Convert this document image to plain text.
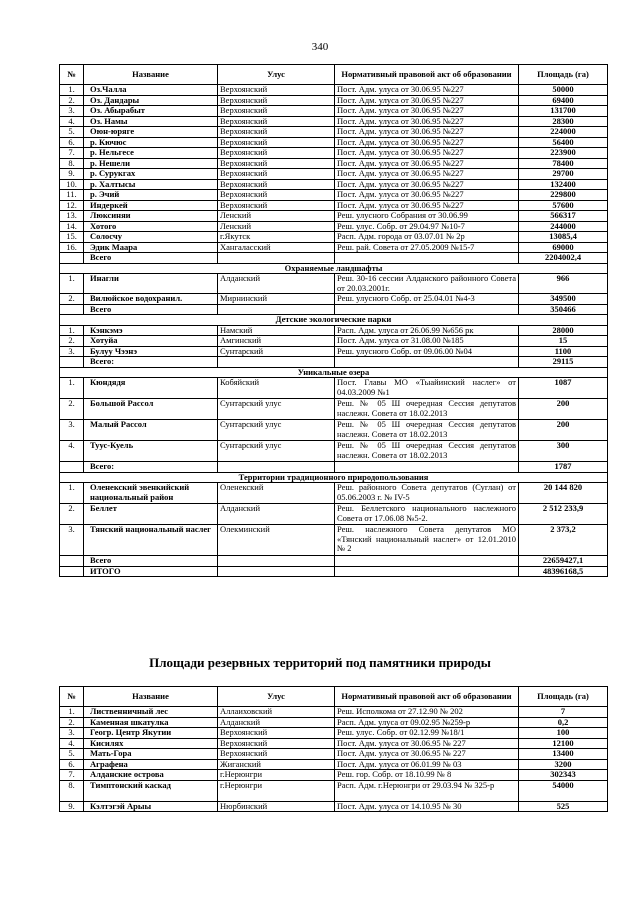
340
№	Название	Улус	Нормативный правовой акт об образовании	Площадь (га)
1.	Оз.Чалла	Верхоянский	Пост. Адм. улуса от 30.06.95 №227	50000
2.	Оз. Дандары	Верхоянский	Пост. Адм. улуса от 30.06.95 №227	69400
3.	Оз. Абырабыт	Верхоянский	Пост. Адм. улуса от 30.06.95 №227	131700
4.	Оз. Намы	Верхоянский	Пост. Адм. улуса от 30.06.95 №227	28300
5.	Оюн-юряге	Верхоянский	Пост. Адм. улуса от 30.06.95 №227	224000
6.	р. Кючюс	Верхоянский	Пост. Адм. улуса от 30.06.95 №227	56400
7.	р. Нельгесе	Верхоянский	Пост. Адм. улуса от 30.06.95 №227	223900
8.	р. Нешели	Верхоянский	Пост. Адм. улуса от 30.06.95 №227	78400
9.	р. Сурукгах	Верхоянский	Пост. Адм. улуса от 30.06.95 №227	29700
10.	р. Халтысы	Верхоянский	Пост. Адм. улуса от 30.06.95 №227	132400
11.	р. Эчий	Верхоянский	Пост. Адм. улуса от 30.06.95 №227	229800
12.	Индеркей	Верхоянский	Пост. Адм. улуса от 30.06.95 №227	57600
13.	Люксиняи	Ленский	Реш. улусного Собрания от 30.06.99	566317
14.	Хотого	Ленский	Реш. улус. Собр. от 29.04.97 №10-7	244000
15.	Солосчу	г.Якутск	Расп. Адм. города от 03.07.01 № 2р	13085,4
16.	Эдик Маара	Хангаласский	Реш. рай. Совета от 27.05.2009 №15-7	69000
	Всего			2204002,4
Охраняемые ландшафты				
1.	Инагли	Алданский	Реш. 30-16 сессии Алданского районного Совета от 20.03.2001г.	966
2.	Вилюйское водохранил.	Мирнинский	Реш. улусного Собр. от 25.04.01 №4-3	349500
	Всего			350466
Детские экологические парки				
1.	Кэнкэмэ	Намский	Расп. Адм. улуса от 26.06.99 №656 рк	28000
2.	Хотуйа	Амгинский	Пост. Адм. улуса от 31.08.00 №185	15
3.	Булуу Чээнэ	Сунтарский	Реш. улусного Собр. от 09.06.00 №04	1100
	Всего:			29115
Уникальные озера				
1.	Кюндядя	Кобяйский	Пост. Главы МО «Тыайинский наслег» от 04.03.2009 №1	1087
2.	Большой Рассол	Сунтарский улус	Реш. № 05 Ш очередная Сессия депутатов наслежн. Совета от 18.02.2013	200
3.	Малый Рассол	Сунтарский улус	Реш. № 05 Ш очередная Сессия депутатов наслежн. Совета от 18.02.2013	200
4.	Туус-Куель	Сунтарский улус	Реш. № 05 Ш очередная Сессия депутатов наслежн. Совета от 18.02.2013	300
	Всего:			1787
Территории традиционного природопользования				
1.	Оленекский эвенкийский национальный район	Оленекский	Реш. районного Совета депутатов (Суглан) от 05.06.2003 г. № IV-5	20 144 820
2.	Беллет	Алданский	Реш. Беллетского национального наслежного Совета от 17.06.08 №5-2.	2 512 233,9
3.	Тянский национальный наслег	Олекминский	Реш. наслежного Совета депутатов МО «Тянский национальный наслег» от 12.01.2010 № 2	2 373,2
	Всего			22659427,1
	ИТОГО			48396168,5
Площади резервных территорий под памятники природы
№	Название	Улус	Нормативный правовой акт об образовании	Площадь (га)
1.	Лиственничный лес	Аллаиховский	Реш. Исполкома от 27.12.90 № 202	7
2.	Каменная шкатулка	Алданский	Расп. Адм. улуса от 09.02.95 №259-р	0,2
3.	Геогр. Центр Якутии	Верхоянский	Реш. улус. Собр. от 02.12.99 №18/1	100
4.	Кисилях	Верхоянский	Пост. Адм. улуса от 30.06.95 № 227	12100
5.	Мать-Гора	Верхоянский	Пост. Адм. улуса от 30.06.95 № 227	13400
6.	Аграфена	Жиганский	Пост. Адм. улуса от 06.01.99 № 03	3200
7.	Алданские острова	г.Нерюнгри	Реш. гор. Собр. от 18.10.99 № 8	302343
8.	Тимптонский каскад	г.Нерюнгри	Расп. Адм. г.Нерюнгри от 29.03.94 № 325-р	54000
9.	Кэлтэгэй Арыы	Нюрбинский	Пост. Адм. улуса от 14.10.95 № 30	525
